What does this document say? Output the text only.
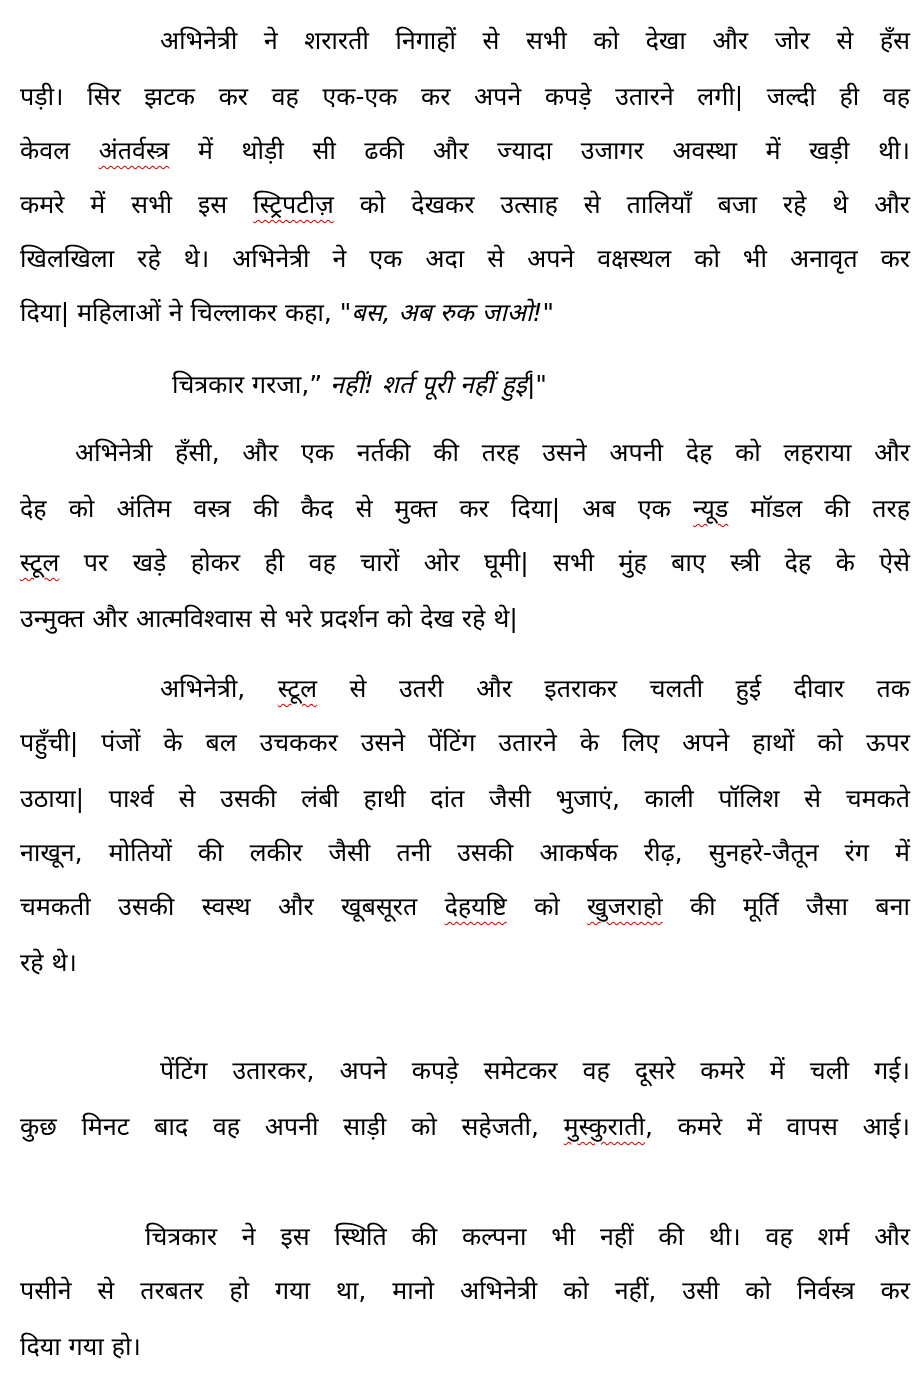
अभिनेत्री ने शरारती निगाहों से सभी को देखा और जोर से हँस
पड़ी। सिर झटक कर वह एक-एक कर अपने कपड़े उतारने लगी| जल्दी ही वह
केवल अंतर्वस्त्र में थोड़ी सी ढकी और ज्यादा उजागर अवस्था में खड़ी थी।
कमरे में सभी इस स्ट्रिपटीज़ को देखकर उत्साह से तालियाँ बजा रहे थे और
खिलखिला रहे थे। अभिनेत्री ने एक अदा से अपने वक्षस्थल को भी अनावृत कर
दिया| महिलाओं ने चिल्लाकर कहा, "बस, अब रुक जाओ!"
चित्रकार गरजा,” नहीं! शर्त पूरी नहीं हुई|"
अभिनेत्री हँसी, और एक नर्तकी की तरह उसने अपनी देह को लहराया और
देह को अंतिम वस्त्र की कैद से मुक्त कर दिया| अब एक न्यूड मॉडल की तरह
स्टूल पर खड़े होकर ही वह चारों ओर घूमी| सभी मुंह बाए स्त्री देह के ऐसे
उन्मुक्त और आत्मविश्वास से भरे प्रदर्शन को देख रहे थे|
अभिनेत्री, स्टूल से उतरी और इतराकर चलती हुई दीवार तक
पहुँची| पंजों के बल उचककर उसने पेंटिंग उतारने के लिए अपने हाथों को ऊपर
उठाया| पार्श्व से उसकी लंबी हाथी दांत जैसी भुजाएं, काली पॉलिश से चमकते
नाखून, मोतियों की लकीर जैसी तनी उसकी आकर्षक रीढ़, सुनहरे-जैतून रंग में
चमकती उसकी स्वस्थ और खूबसूरत देहयष्टि को खुजराहो की मूर्ति जैसा बना
रहे थे।
पेंटिंग उतारकर, अपने कपड़े समेटकर वह दूसरे कमरे में चली गई।
कुछ मिनट बाद वह अपनी साड़ी को सहेजती, मुस्कुराती, कमरे में वापस आई।
चित्रकार ने इस स्थिति की कल्पना भी नहीं की थी। वह शर्म और
पसीने से तरबतर हो गया था, मानो अभिनेत्री को नहीं, उसी को निर्वस्त्र कर
दिया गया हो।
